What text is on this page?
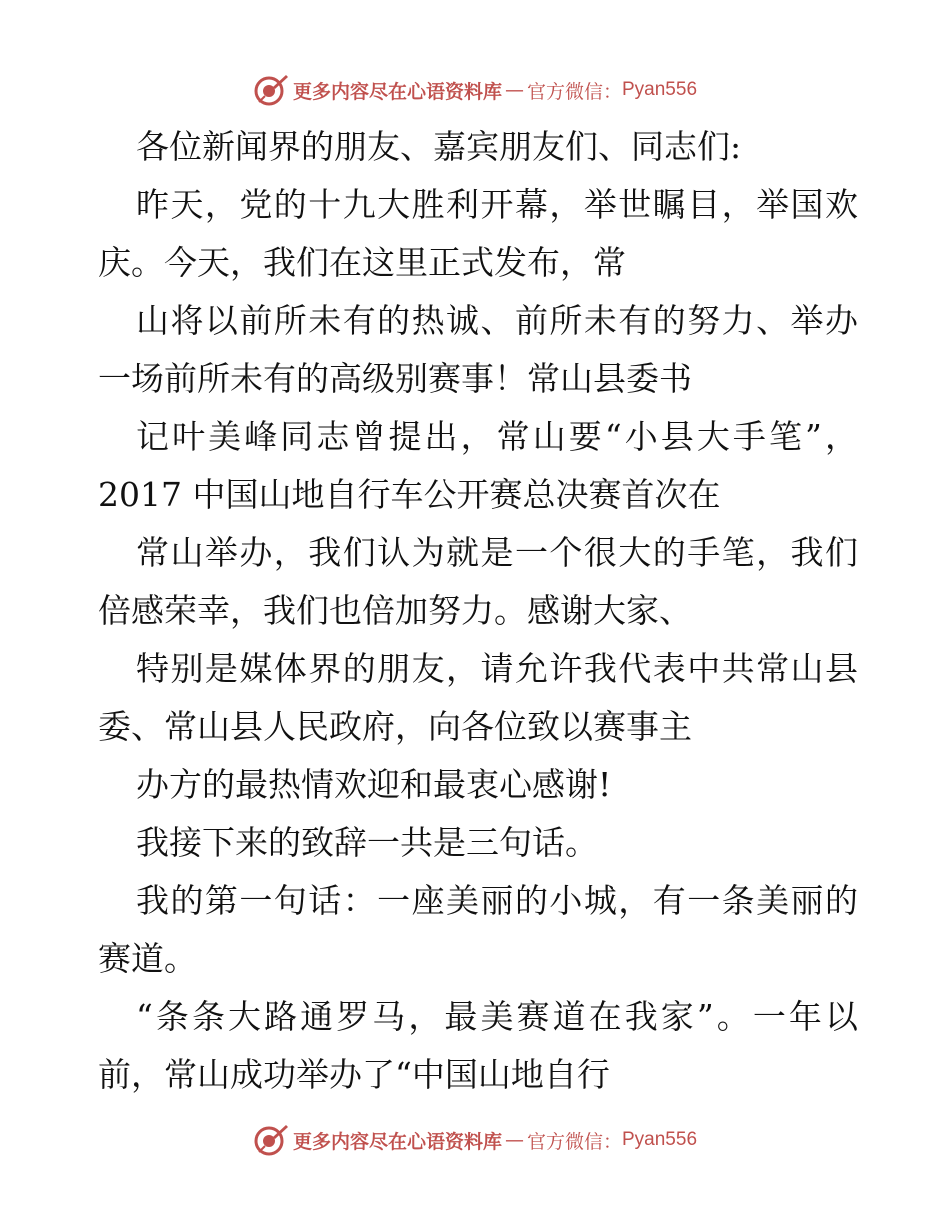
更多内容尽在心语资料库 — 官方微信： Pyan556
各位新闻界的朋友、嘉宾朋友们、同志们:
昨天，党的十九大胜利开幕，举世瞩目，举国欢
庆。今天，我们在这里正式发布，常
山将以前所未有的热诚、前所未有的努力、举办
一场前所未有的高级别赛事！常山县委书
记叶美峰同志曾提出，常山要“小县大手笔”，
2017 中国山地自行车公开赛总决赛首次在
常山举办，我们认为就是一个很大的手笔，我们
倍感荣幸，我们也倍加努力。感谢大家、
特别是媒体界的朋友，请允许我代表中共常山县
委、常山县人民政府，向各位致以赛事主
办方的最热情欢迎和最衷心感谢!
我接下来的致辞一共是三句话。
我的第一句话：一座美丽的小城，有一条美丽的
赛道。
“条条大路通罗马，最美赛道在我家”。一年以
前，常山成功举办了“中国山地自行
更多内容尽在心语资料库 — 官方微信： Pyan556
